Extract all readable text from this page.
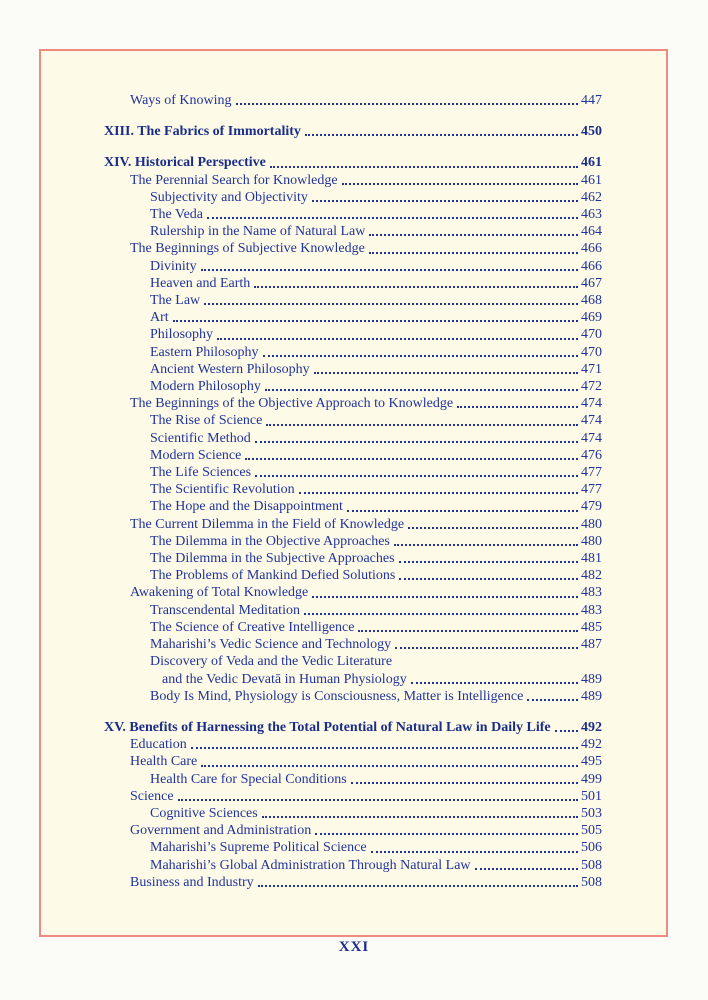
Ways of Knowing	447
XIII. The Fabrics of Immortality	450
XIV. Historical Perspective	461
The Perennial Search for Knowledge	461
Subjectivity and Objectivity	462
The Veda	463
Rulership in the Name of Natural Law	464
The Beginnings of Subjective Knowledge	466
Divinity	466
Heaven and Earth	467
The Law	468
Art	469
Philosophy	470
Eastern Philosophy	470
Ancient Western Philosophy	471
Modern Philosophy	472
The Beginnings of the Objective Approach to Knowledge	474
The Rise of Science	474
Scientific Method	474
Modern Science	476
The Life Sciences	477
The Scientific Revolution	477
The Hope and the Disappointment	479
The Current Dilemma in the Field of Knowledge	480
The Dilemma in the Objective Approaches	480
The Dilemma in the Subjective Approaches	481
The Problems of Mankind Defied Solutions	482
Awakening of Total Knowledge	483
Transcendental Meditation	483
The Science of Creative Intelligence	485
Maharishi’s Vedic Science and Technology	487
Discovery of Veda and the Vedic Literature
and the Vedic Devatā in Human Physiology	489
Body Is Mind, Physiology is Consciousness, Matter is Intelligence	489
XV. Benefits of Harnessing the Total Potential of Natural Law in Daily Life 492
Education	492
Health Care	495
Health Care for Special Conditions	499
Science	501
Cognitive Sciences	503
Government and Administration	505
Maharishi’s Supreme Political Science	506
Maharishi’s Global Administration Through Natural Law	508
Business and Industry	508
XXI
